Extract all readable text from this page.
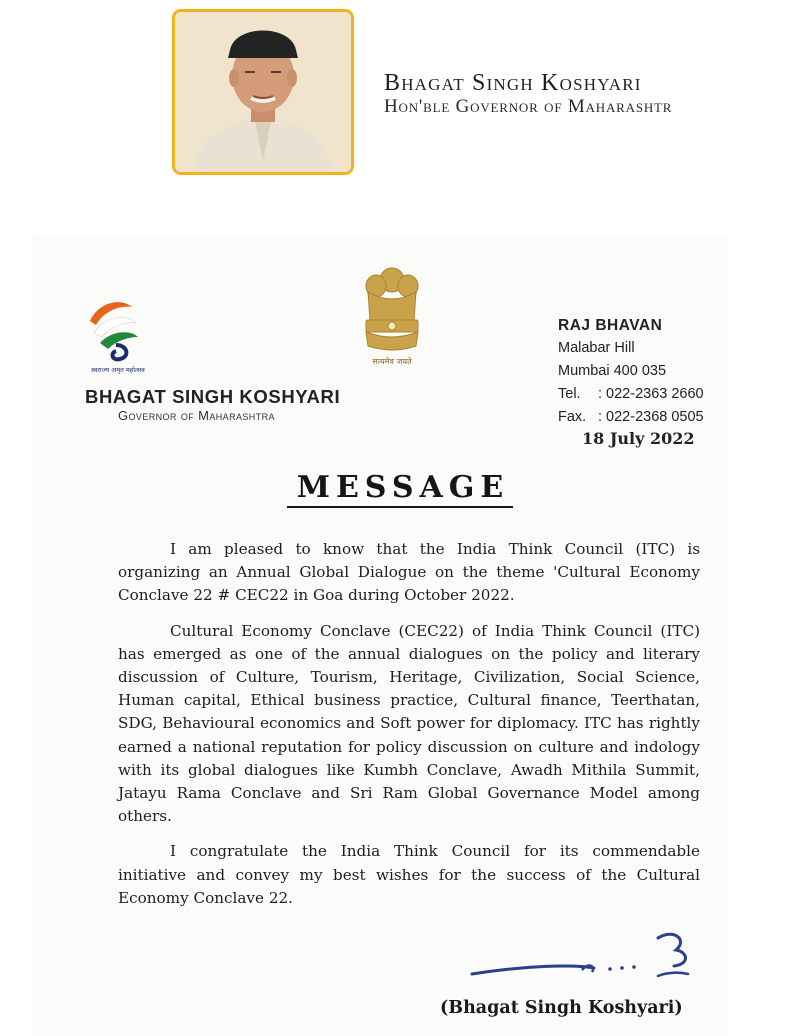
Bhagat Singh Koshyari
Hon'ble Governor of Maharashtr
स्वराज्य अमृत महोत्सव
BHAGAT SINGH KOSHYARI
Governor of Maharashtra
सत्यमेव जयते
RAJ BHAVAN
Malabar Hill
Mumbai 400 035
Tel.	: 022-2363 2660
Fax. : 022-2368 0505
18 July 2022
MESSAGE

I am pleased to know that the India Think Council (ITC) is organizing an Annual Global Dialogue on the theme 'Cultural Economy Conclave 22 # CEC22 in Goa during October 2022.

Cultural Economy Conclave (CEC22) of India Think Council (ITC) has emerged as one of the annual dialogues on the policy and literary discussion of Culture, Tourism, Heritage, Civilization, Social Science, Human capital, Ethical business practice, Cultural finance, Teerthatan, SDG, Behavioural economics and Soft power for diplomacy. ITC has rightly earned a national reputation for policy discussion on culture and indology with its global dialogues like Kumbh Conclave, Awadh Mithila Summit, Jatayu Rama Conclave and Sri Ram Global Governance Model among others.

I congratulate the India Think Council for its commendable initiative and convey my best wishes for the success of the Cultural Economy Conclave 22.

(Bhagat Singh Koshyari)
